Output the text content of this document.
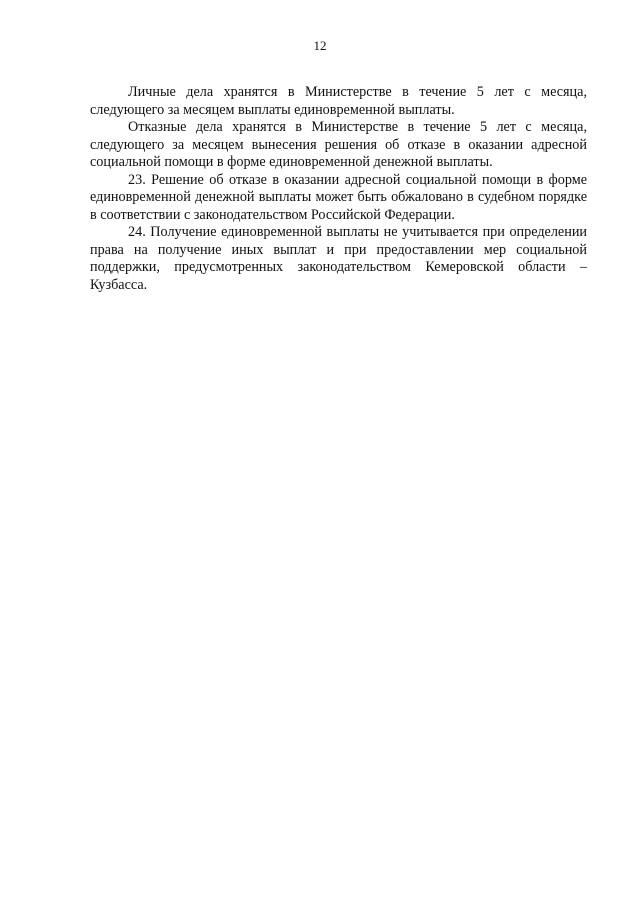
12

Личные дела хранятся в Министерстве в течение 5 лет с месяца, следующего за месяцем выплаты единовременной выплаты.

Отказные дела хранятся в Министерстве в течение 5 лет с месяца, следующего за месяцем вынесения решения об отказе в оказании адресной социальной помощи в форме единовременной денежной выплаты.

23. Решение об отказе в оказании адресной социальной помощи в форме единовременной денежной выплаты может быть обжаловано в судебном порядке в соответствии с законодательством Российской Федерации.

24. Получение единовременной выплаты не учитывается при определении права на получение иных выплат и при предоставлении мер социальной поддержки, предусмотренных законодательством Кемеровской области – Кузбасса.
